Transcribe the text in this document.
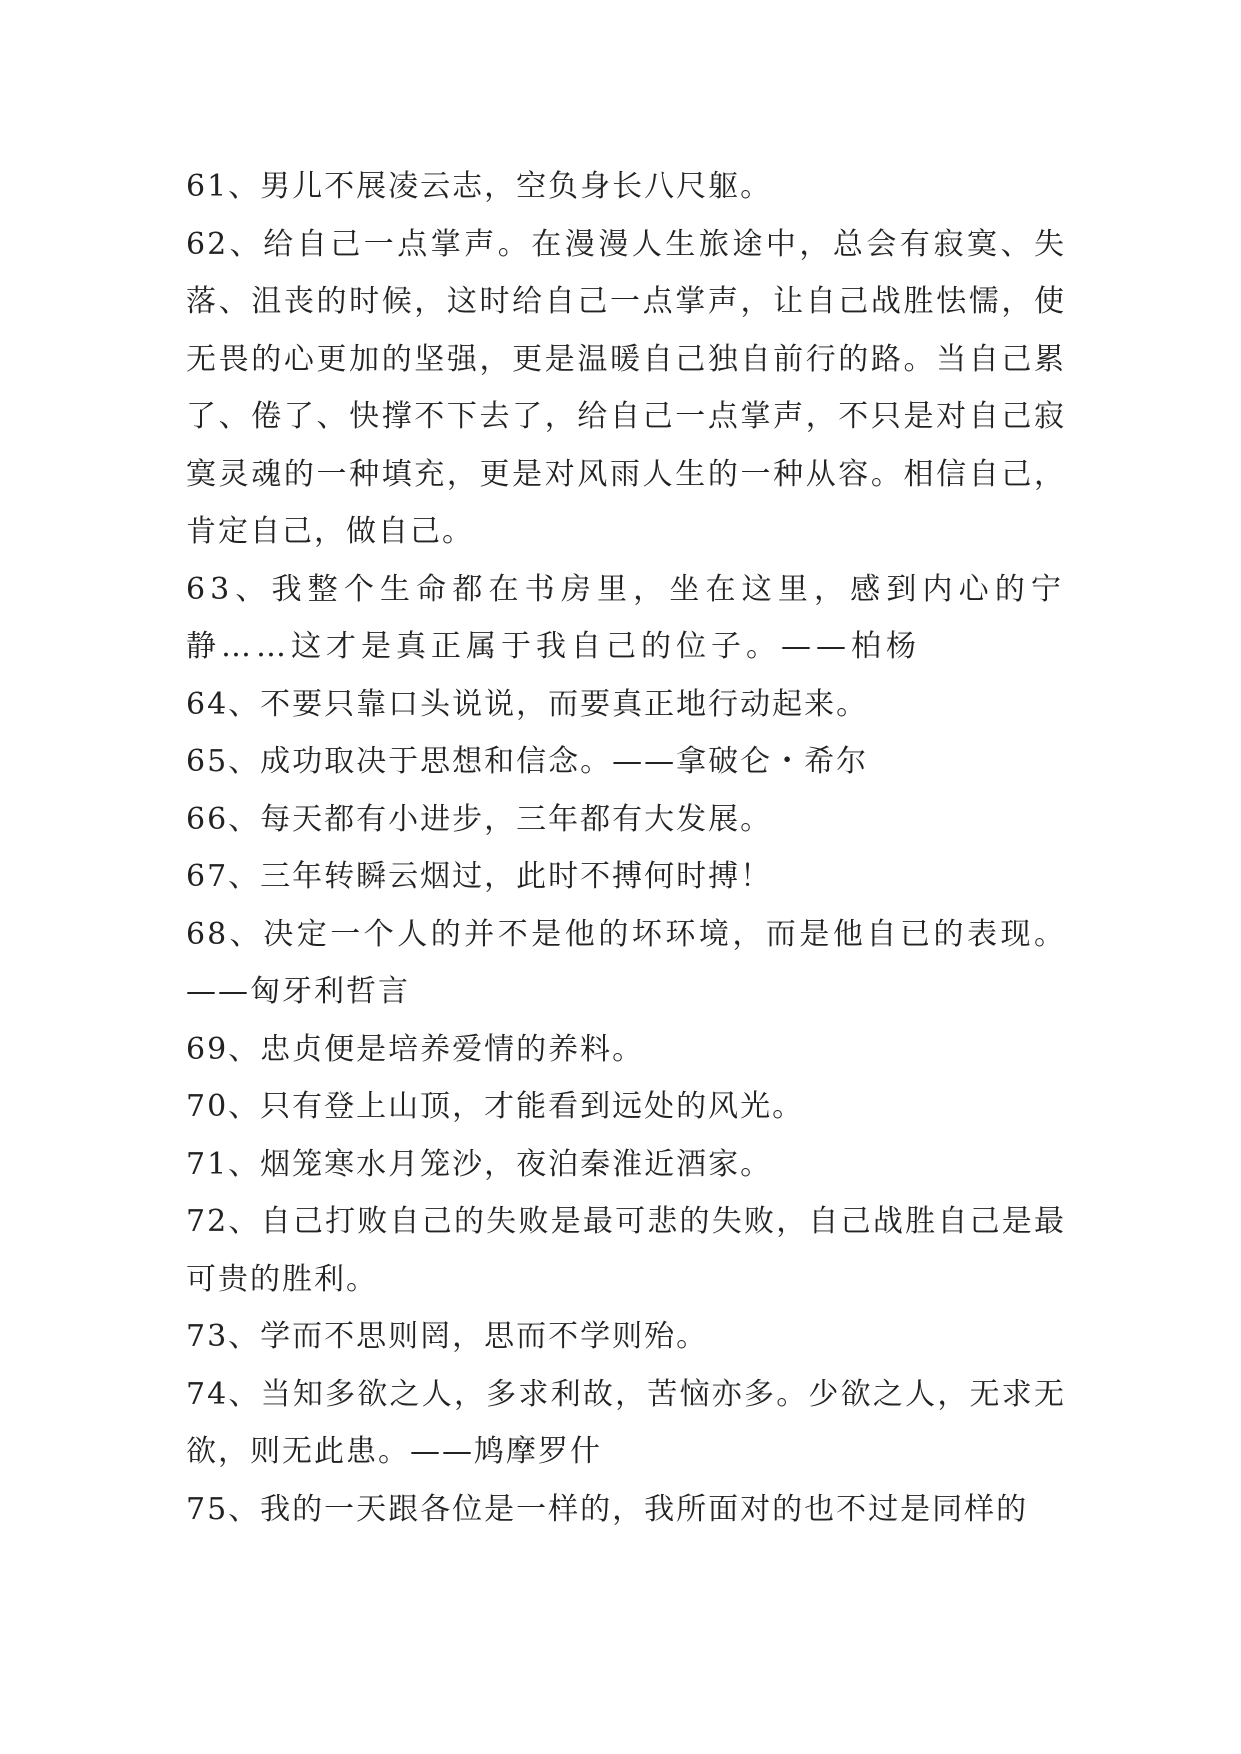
61、男儿不展凌云志，空负身长八尺躯。

62、给自己一点掌声。在漫漫人生旅途中，总会有寂寞、失落、沮丧的时候，这时给自己一点掌声，让自己战胜怯懦，使无畏的心更加的坚强，更是温暖自己独自前行的路。当自己累了、倦了、快撑不下去了，给自己一点掌声，不只是对自己寂寞灵魂的一种填充，更是对风雨人生的一种从容。相信自己，肯定自己，做自己。

63、我整个生命都在书房里，坐在这里，感到内心的宁静……这才是真正属于我自己的位子。——柏杨

64、不要只靠口头说说，而要真正地行动起来。

65、成功取决于思想和信念。——拿破仑・希尔

66、每天都有小进步，三年都有大发展。

67、三年转瞬云烟过，此时不搏何时搏！

68、决定一个人的并不是他的坏环境，而是他自已的表现。——匈牙利哲言

69、忠贞便是培养爱情的养料。

70、只有登上山顶，才能看到远处的风光。

71、烟笼寒水月笼沙，夜泊秦淮近酒家。

72、自己打败自己的失败是最可悲的失败，自己战胜自己是最可贵的胜利。

73、学而不思则罔，思而不学则殆。

74、当知多欲之人，多求利故，苦恼亦多。少欲之人，无求无欲，则无此患。——鸠摩罗什

75、我的一天跟各位是一样的，我所面对的也不过是同样的
